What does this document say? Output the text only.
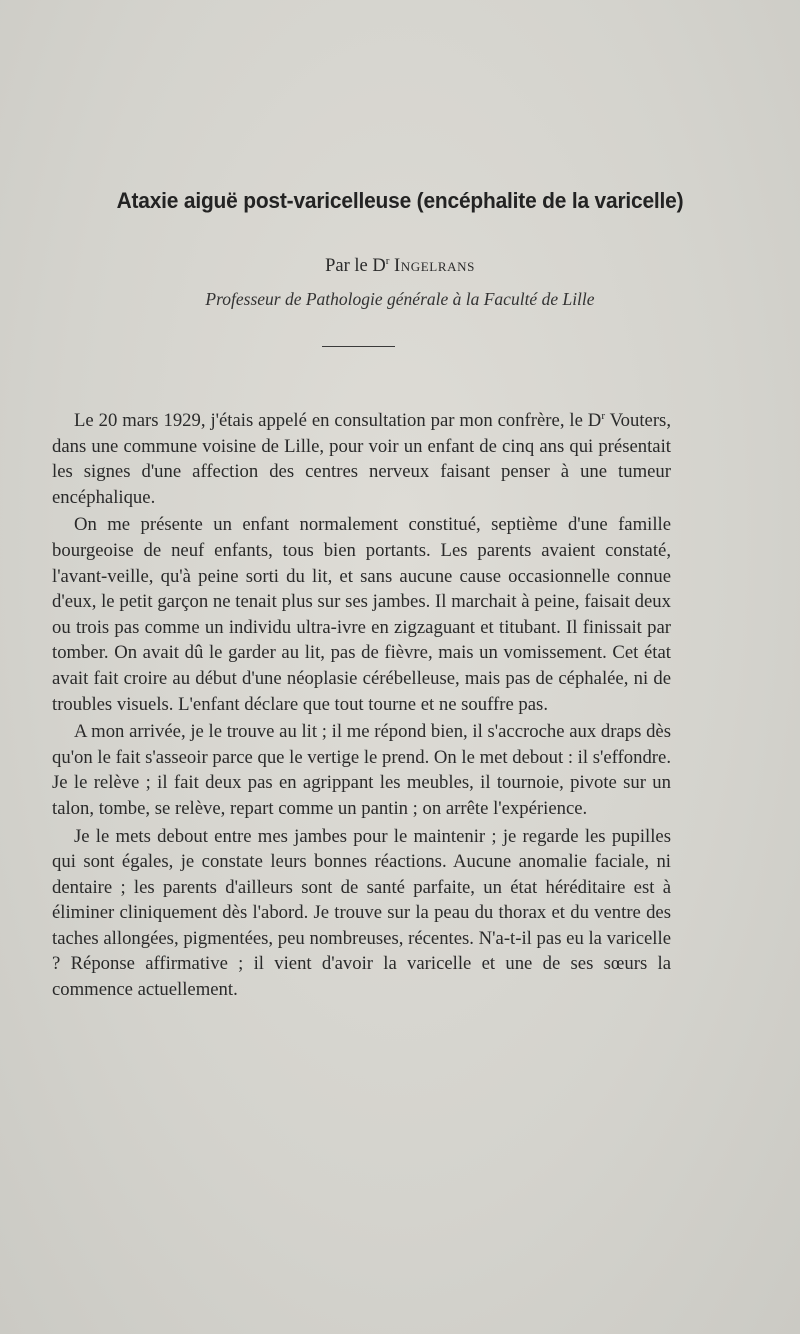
Ataxie aiguë post-varicelleuse (encéphalite de la varicelle)
Par le $D^r$ Ingelrans
Professeur de Pathologie générale à la Faculté de Lille

Le 20 mars 1929, j'étais appelé en consultation par mon confrère, le $D^r$ Vouters, dans une commune voisine de Lille, pour voir un enfant de cinq ans qui présentait les signes d'une affection des centres nerveux faisant penser à une tumeur encéphalique.

On me présente un enfant normalement constitué, septième d'une famille bourgeoise de neuf enfants, tous bien portants. Les parents avaient constaté, l'avant-veille, qu'à peine sorti du lit, et sans aucune cause occasionnelle connue d'eux, le petit garçon ne tenait plus sur ses jambes. Il marchait à peine, faisait deux ou trois pas comme un individu ultra-ivre en zigzaguant et titubant. Il finissait par tomber. On avait dû le garder au lit, pas de fièvre, mais un vomissement. Cet état avait fait croire au début d'une néoplasie cérébelleuse, mais pas de céphalée, ni de troubles visuels. L'enfant déclare que tout tourne et ne souffre pas.

A mon arrivée, je le trouve au lit ; il me répond bien, il s'accroche aux draps dès qu'on le fait s'asseoir parce que le vertige le prend. On le met debout : il s'effondre. Je le relève ; il fait deux pas en agrippant les meubles, il tournoie, pivote sur un talon, tombe, se relève, repart comme un pantin ; on arrête l'expérience.

Je le mets debout entre mes jambes pour le maintenir ; je regarde les pupilles qui sont égales, je constate leurs bonnes réactions. Aucune anomalie faciale, ni dentaire ; les parents d'ailleurs sont de santé parfaite, un état héréditaire est à éliminer cliniquement dès l'abord. Je trouve sur la peau du thorax et du ventre des taches allongées, pigmentées, peu nombreuses, récentes. N'a-t-il pas eu la varicelle ? Réponse affirmative ; il vient d'avoir la varicelle et une de ses sœurs la commence actuellement.
